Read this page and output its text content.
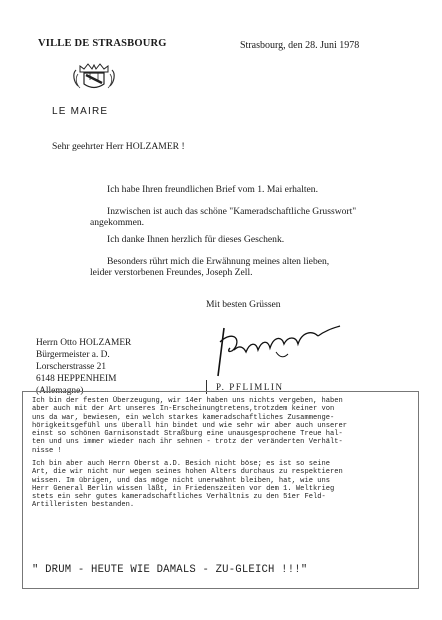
VILLE DE STRASBOURG	Strasbourg, den 28. Juni 1978

LE MAIRE

Sehr geehrter Herr HOLZAMER !

Ich habe Ihren freundlichen Brief vom 1. Mai erhalten.

Inzwischen ist auch das schöne "Kameradschaftliche Grusswort"

angekommen.

Ich danke Ihnen herzlich für dieses Geschenk.

Besonders rührt mich die Erwähnung meines alten lieben,

leider verstorbenen Freundes, Joseph Zell.

Mit besten Grüssen

Herrn Otto HOLZAMER

Bürgermeister a. D.

Lorscherstrasse 21

6148 HEPPENHEIM

(Allemagne)	P. PFLIMLIN

Ich bin der festen Überzeugung, wir 14er haben uns nichts vergeben, haben
aber auch mit der Art unseres In-Erscheinungtretens,trotzdem keiner von
uns da war, bewiesen, ein welch starkes kameradschaftliches Zusammenge-
hörigkeitsgefühl uns überall hin bindet und wie sehr wir aber auch unserer
einst so schönen Garnisonstadt Straßburg eine unausgesprochene Treue hal-
ten und uns immer wieder nach ihr sehnen - trotz der veränderten Verhält-
nisse !
Ich bin aber auch Herrn Oberst a.D. Besich nicht böse; es ist so seine
Art, die wir nicht nur wegen seines hohen Alters durchaus zu respektieren
wissen. Im übrigen, und das möge nicht unerwähnt bleiben, hat, wie uns
Herr General Berlin wissen läßt, in Friedenszeiten vor dem 1. Weltkrieg
stets ein sehr gutes kameradschaftliches Verhältnis zu den 51er Feld-
Artilleristen bestanden.

" DRUM - HEUTE WIE DAMALS - ZU-GLEICH !!!"
